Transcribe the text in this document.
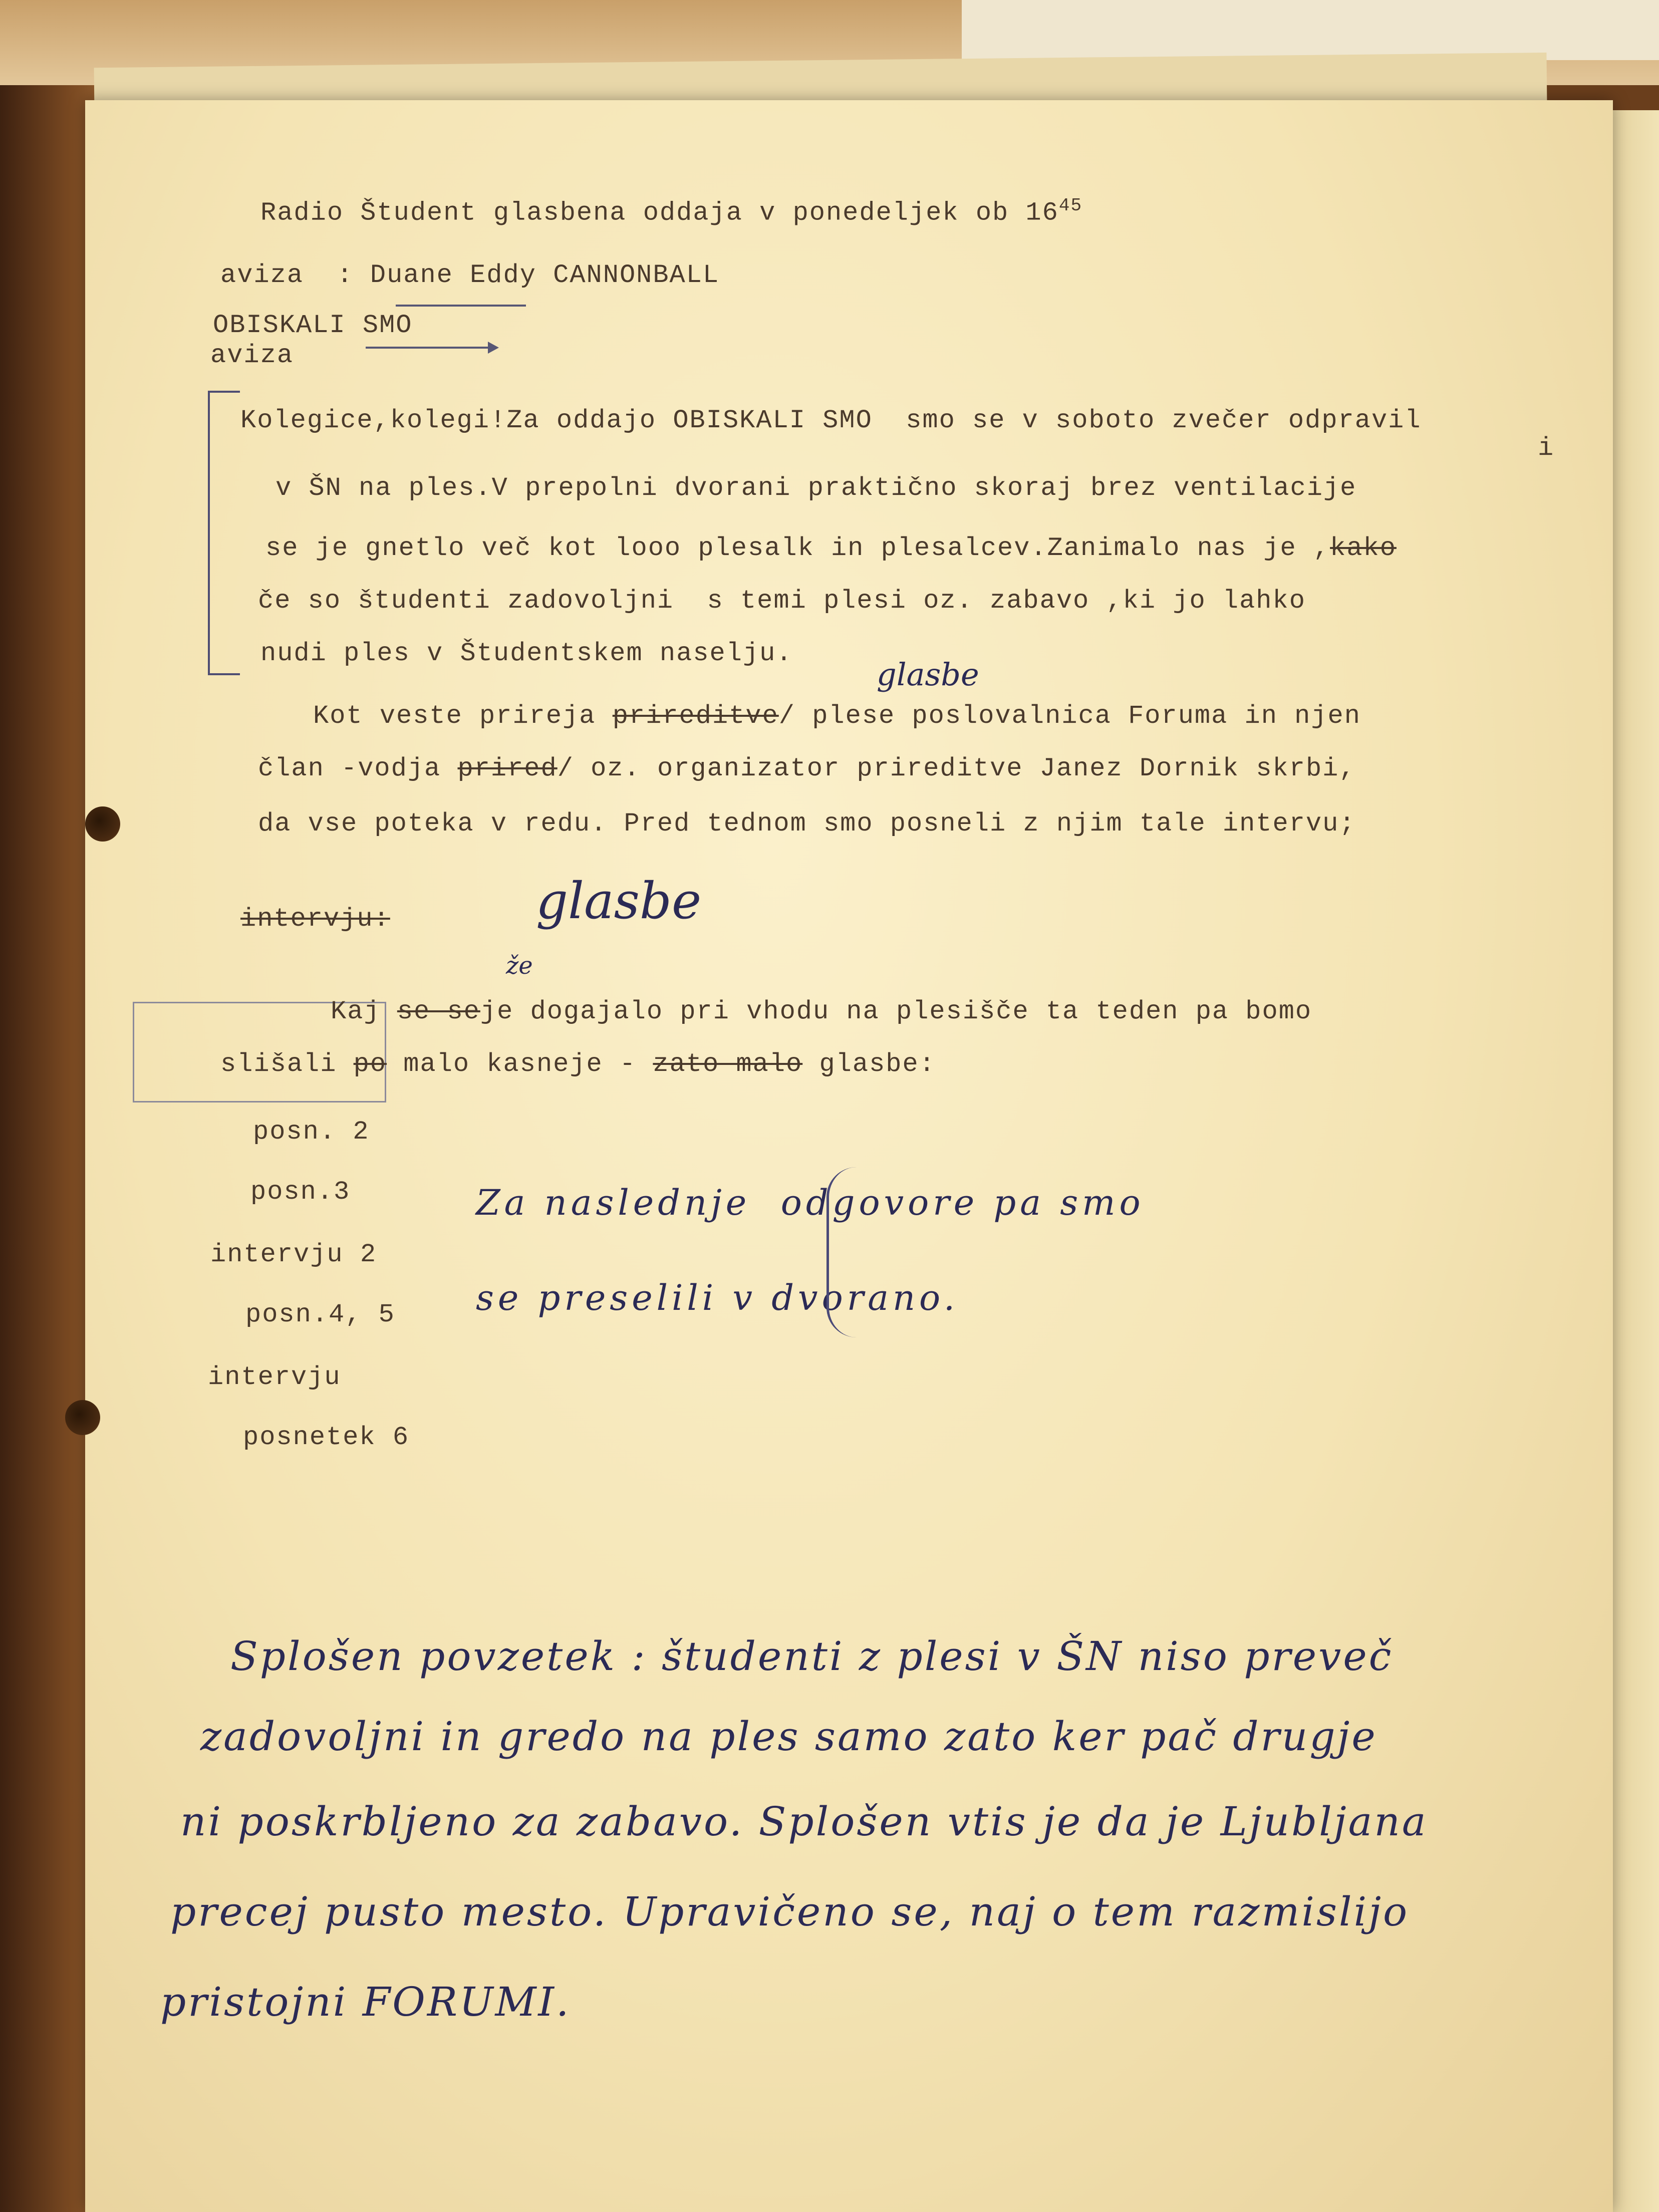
Radio Študent glasbena oddaja v ponedeljek ob $16^{45}$
aviza : Duane Eddy CANNONBALL
OBISKALI SMO
aviza
Kolegice,kolegi!Za oddajo OBISKALI SMO  smo se v soboto zvečer odpravil
i
v ŠN na ples.V prepolni dvorani praktično skoraj brez ventilacije
se je gnetlo več kot looo plesalk in plesalcev.Zanimalo nas je ,kako
če so študenti zadovoljni  s temi plesi oz. zabavo ,ki jo lahko
nudi ples v Študentskem naselju.
glasbe
Kot veste prireja prireditve/ plese poslovalnica Foruma in njen
član -vodja prired/ oz. organizator prireditve Janez Dornik skrbi,
da vse poteka v redu. Pred tednom smo posneli z njim tale intervu;
intervju:	glasbe
že
Kaj se seje dogajalo pri vhodu na plesišče ta teden pa bomo
slišali po malo kasneje - zato malo glasbe:
posn. 2
posn.3
intervju 2
posn.4, 5
intervju
posnetek 6
Za naslednje  odgovore pa smo
se preselili v dvorano.
Splošen povzetek : študenti z plesi v ŠN niso preveč
zadovoljni in gredo na ples samo zato ker pač drugje
ni poskrbljeno za zabavo. Splošen vtis je da je Ljubljana
precej pusto mesto. Upravičeno se, naj o tem razmislijo
pristojni FORUMI.
